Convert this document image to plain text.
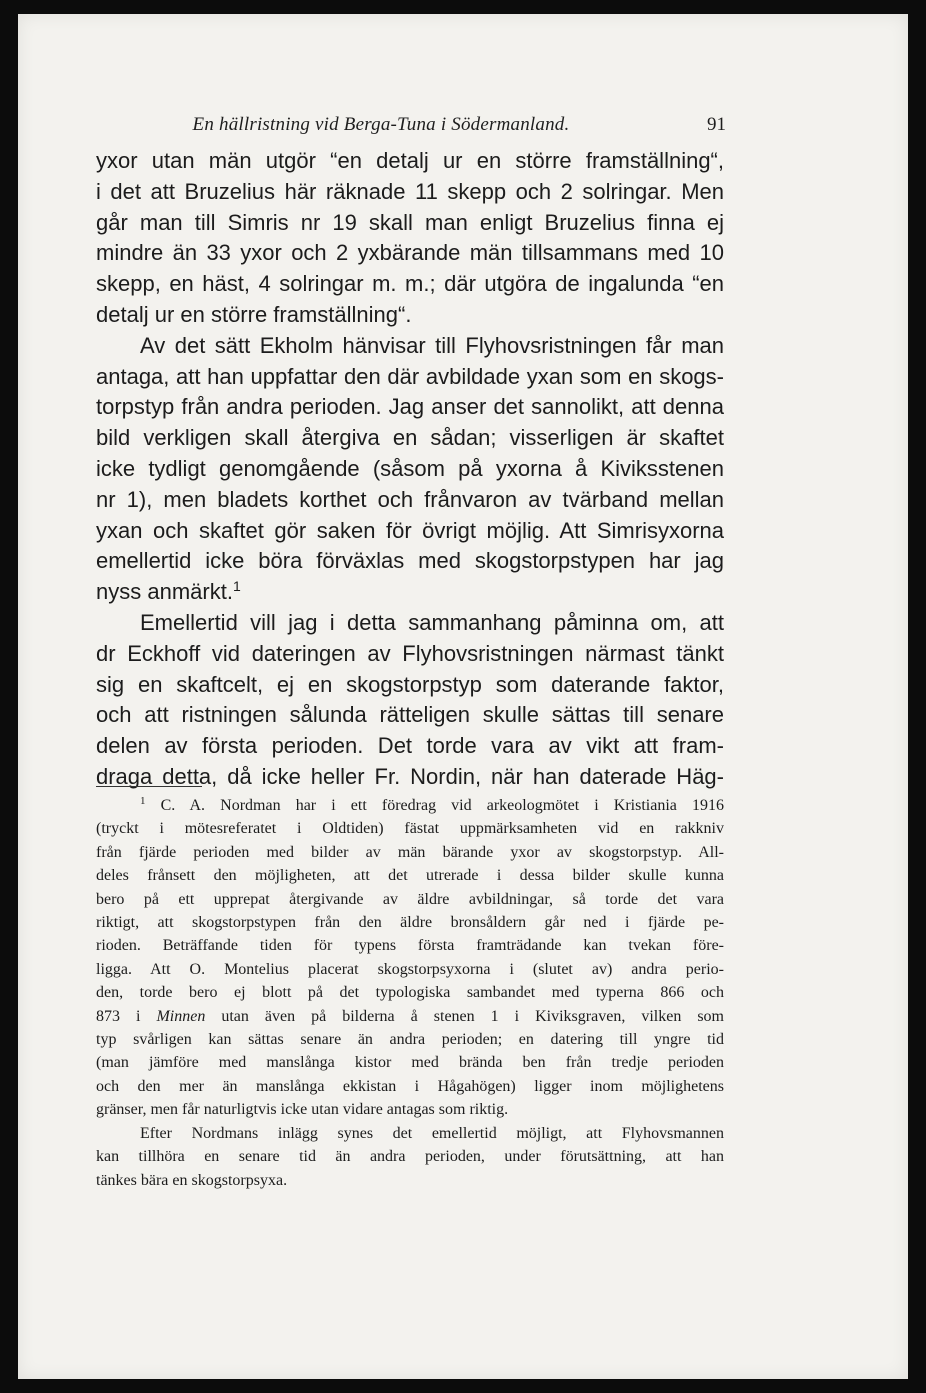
En hällristning vid Berga-Tuna i Södermanland.	91
yxor utan män utgör “en detalj ur en större framställning“,
i det att Bruzelius här räknade 11 skepp och 2 solringar. Men
går man till Simris nr 19 skall man enligt Bruzelius finna ej
mindre än 33 yxor och 2 yxbärande män tillsammans med 10
skepp, en häst, 4 solringar m. m.; där utgöra de ingalunda “en
detalj ur en större framställning“.
Av det sätt Ekholm hänvisar till Flyhovsristningen får man
antaga, att han uppfattar den där avbildade yxan som en skogs-
torpstyp från andra perioden. Jag anser det sannolikt, att denna
bild verkligen skall återgiva en sådan; visserligen är skaftet
icke tydligt genomgående (såsom på yxorna å Kiviksstenen
nr 1), men bladets korthet och frånvaron av tvärband mellan
yxan och skaftet gör saken för övrigt möjlig. Att Simrisyxorna
emellertid icke böra förväxlas med skogstorpstypen har jag
nyss anmärkt.$^1$
Emellertid vill jag i detta sammanhang påminna om, att
dr Eckhoff vid dateringen av Flyhovsristningen närmast tänkt
sig en skaftcelt, ej en skogstorpstyp som daterande faktor,
och att ristningen sålunda rätteligen skulle sättas till senare
delen av första perioden. Det torde vara av vikt att fram-
draga detta, då icke heller Fr. Nordin, när han daterade Häg-
$^1$ C. A. Nordman har i ett föredrag vid arkeologmötet i Kristiania 1916
(tryckt i mötesreferatet i Oldtiden) fästat uppmärksamheten vid en rakkniv
från fjärde perioden med bilder av män bärande yxor av skogstorpstyp. All-
deles frånsett den möjligheten, att det utrerade i dessa bilder skulle kunna
bero på ett upprepat återgivande av äldre avbildningar, så torde det vara
riktigt, att skogstorpstypen från den äldre bronsåldern går ned i fjärde pe-
rioden. Beträffande tiden för typens första framträdande kan tvekan före-
ligga. Att O. Montelius placerat skogstorpsyxorna i (slutet av) andra perio-
den, torde bero ej blott på det typologiska sambandet med typerna 866 och
873 i Minnen utan även på bilderna å stenen 1 i Kiviksgraven, vilken som
typ svårligen kan sättas senare än andra perioden; en datering till yngre tid
(man jämföre med manslånga kistor med brända ben från tredje perioden
och den mer än manslånga ekkistan i Hågahögen) ligger inom möjlighetens
gränser, men får naturligtvis icke utan vidare antagas som riktig.
Efter Nordmans inlägg synes det emellertid möjligt, att Flyhovsmannen
kan tillhöra en senare tid än andra perioden, under förutsättning, att han
tänkes bära en skogstorpsyxa.
